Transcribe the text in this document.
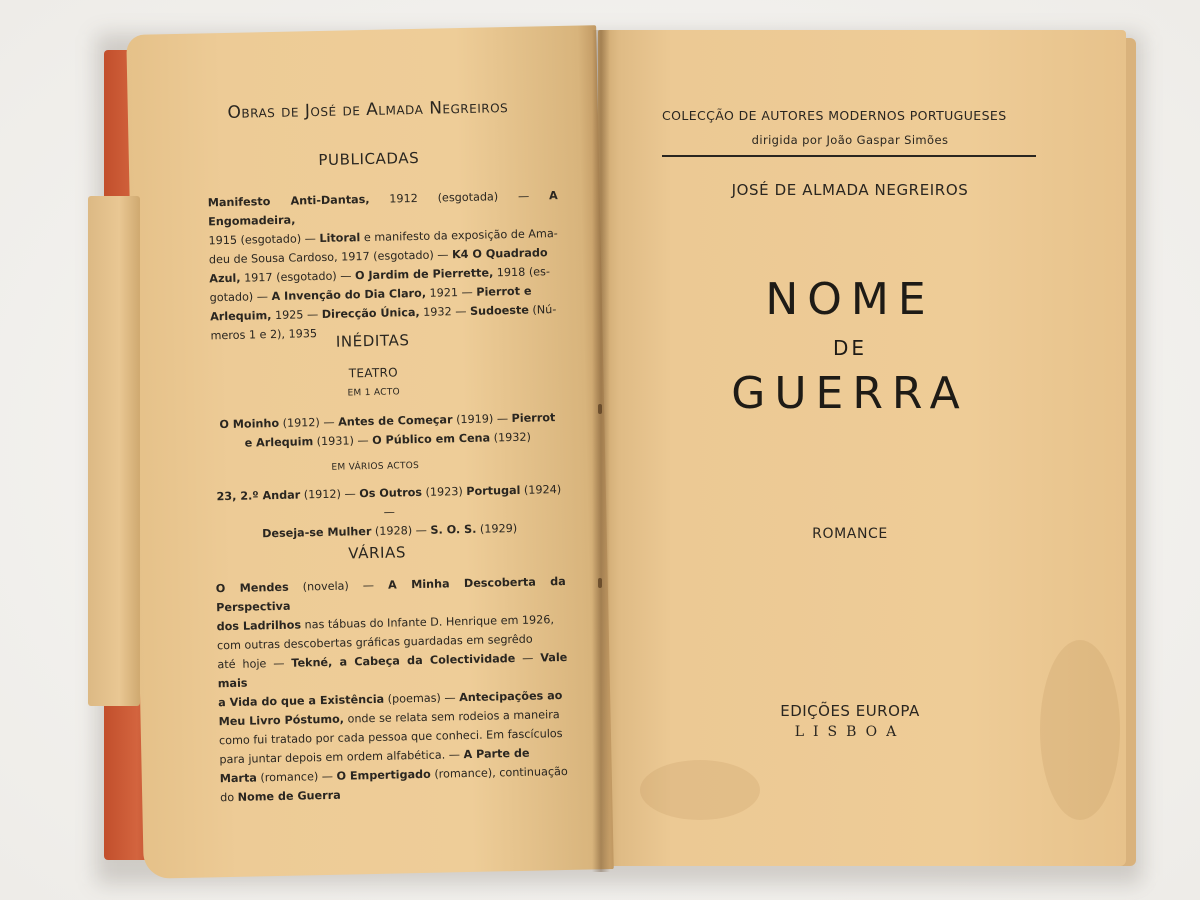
COLECÇÃO DE AUTORES MODERNOS PORTUGUESES
dirigida por João Gaspar Simões
JOSÉ DE ALMADA NEGREIROS
NOME
DE
GUERRA
ROMANCE
EDIÇÕES EUROPA
LISBOA
Obras de José de Almada Negreiros
PUBLICADAS
Manifesto Anti-Dantas, 1912 (esgotada) — A Engomadeira,
1915 (esgotado) — Litoral e manifesto da exposição de Ama-
deu de Sousa Cardoso, 1917 (esgotado) — K4 O Quadrado
Azul, 1917 (esgotado) — O Jardim de Pierrette, 1918 (es-
gotado) — A Invenção do Dia Claro, 1921 — Pierrot e
Arlequim, 1925 — Direcção Única, 1932 — Sudoeste (Nú-
meros 1 e 2), 1935	INÉDITAS
TEATRO
EM 1 ACTO
O Moinho (1912) — Antes de Começar (1919) — Pierrot
e Arlequim (1931) — O Público em Cena (1932)
EM VÁRIOS ACTOS
23, 2.º Andar (1912) — Os Outros (1923) Portugal (1924) —
Deseja-se Mulher (1928) — S. O. S. (1929)
VÁRIAS
O Mendes (novela) — A Minha Descoberta da Perspectiva
dos Ladrilhos nas tábuas do Infante D. Henrique em 1926,
com outras descobertas gráficas guardadas em segrêdo
até hoje — Tekné, a Cabeça da Colectividade — Vale mais
a Vida do que a Existência (poemas) — Antecipações ao
Meu Livro Póstumo, onde se relata sem rodeios a maneira
como fui tratado por cada pessoa que conheci. Em fascículos
para juntar depois em ordem alfabética. — A Parte de
Marta (romance) — O Empertigado (romance), continuação
do Nome de Guerra
